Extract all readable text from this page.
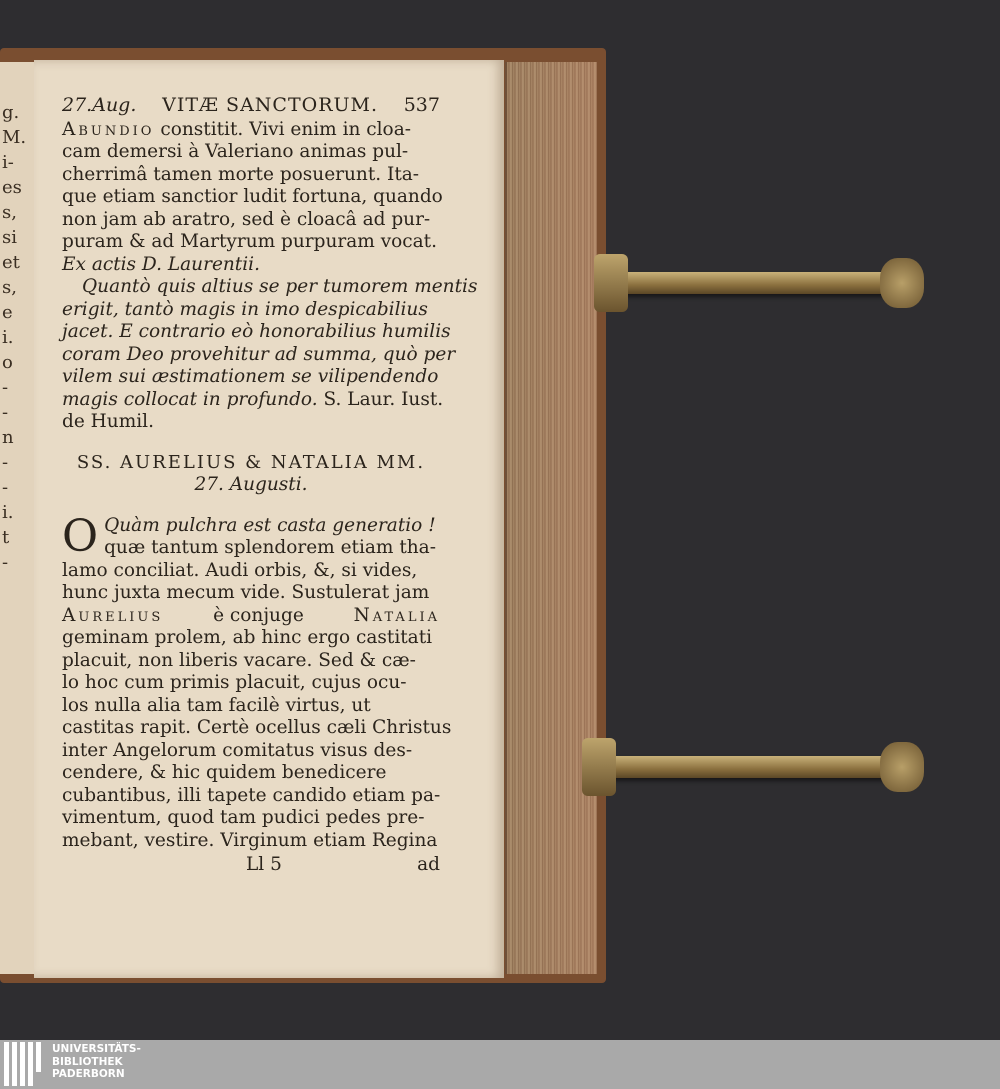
g.
M.
i-
es
s,
si
et
s,
e
i.
o
-
-
n
-
-
i.
t
-
27.Aug. VITÆ SANCTORUM. 537
Abundio constitit. Vivi enim in cloa-
cam demersi à Valeriano animas pul-
cherrimâ tamen morte posuerunt. Ita-
que etiam sanctior ludit fortuna, quando
non jam ab aratro, sed è cloacâ ad pur-
puram & ad Martyrum purpuram vocat.
Ex actis D. Laurentii.
Quantò quis altius se per tumorem mentis
erigit, tantò magis in imo despicabilius
jacet. E contrario eò honorabilius humilis
coram Deo provehitur ad summa, quò per
vilem sui æstimationem se vilipendendo
magis collocat in profundo. S. Laur. Iust.
de Humil.
SS. AURELIUS & NATALIA MM.
27. Augusti.
O Quàm pulchra est casta generatio !
quæ tantum splendorem etiam tha-
lamo conciliat. Audi orbis, &, si vides,
hunc juxta mecum vide. Sustulerat jam
Aurelius	è conjuge	Natalia
geminam prolem, ab hinc ergo castitati
placuit, non liberis vacare. Sed & cæ-
lo hoc cum primis placuit, cujus ocu-
los nulla alia tam facilè virtus, ut
castitas rapit. Certè ocellus cæli Christus
inter Angelorum comitatus visus des-
cendere, & hic quidem benedicere
cubantibus, illi tapete candido etiam pa-
vimentum, quod tam pudici pedes pre-
mebant, vestire. Virginum etiam Regina
Ll 5	ad
UNIVERSITÄTS-
BIBLIOTHEK
PADERBORN
